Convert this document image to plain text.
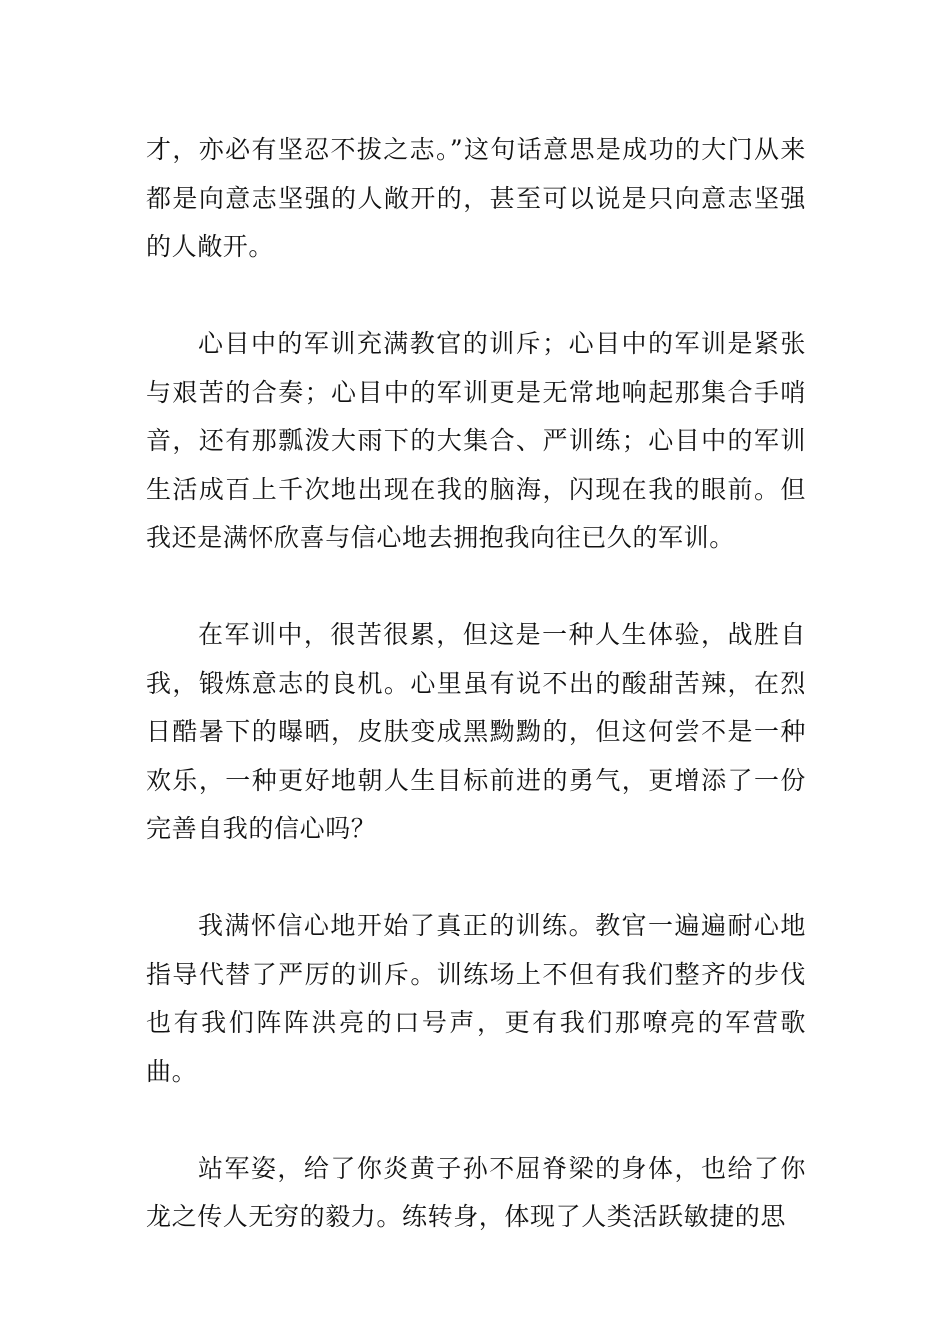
才，亦必有坚忍不拔之志。”这句话意思是成功的大门从来都是向意志坚强的人敞开的，甚至可以说是只向意志坚强的人敞开。

心目中的军训充满教官的训斥；心目中的军训是紧张与艰苦的合奏；心目中的军训更是无常地响起那集合手哨音，还有那瓢泼大雨下的大集合、严训练；心目中的军训生活成百上千次地出现在我的脑海，闪现在我的眼前。但我还是满怀欣喜与信心地去拥抱我向往已久的军训。

在军训中，很苦很累，但这是一种人生体验，战胜自我，锻炼意志的良机。心里虽有说不出的酸甜苦辣，在烈日酷暑下的曝晒，皮肤变成黑黝黝的，但这何尝不是一种欢乐，一种更好地朝人生目标前进的勇气，更增添了一份完善自我的信心吗？

我满怀信心地开始了真正的训练。教官一遍遍耐心地指导代替了严厉的训斥。训练场上不但有我们整齐的步伐也有我们阵阵洪亮的口号声，更有我们那嘹亮的军营歌曲。

站军姿，给了你炎黄子孙不屈脊梁的身体，也给了你龙之传人无穷的毅力。练转身，体现了人类活跃敏捷的思
